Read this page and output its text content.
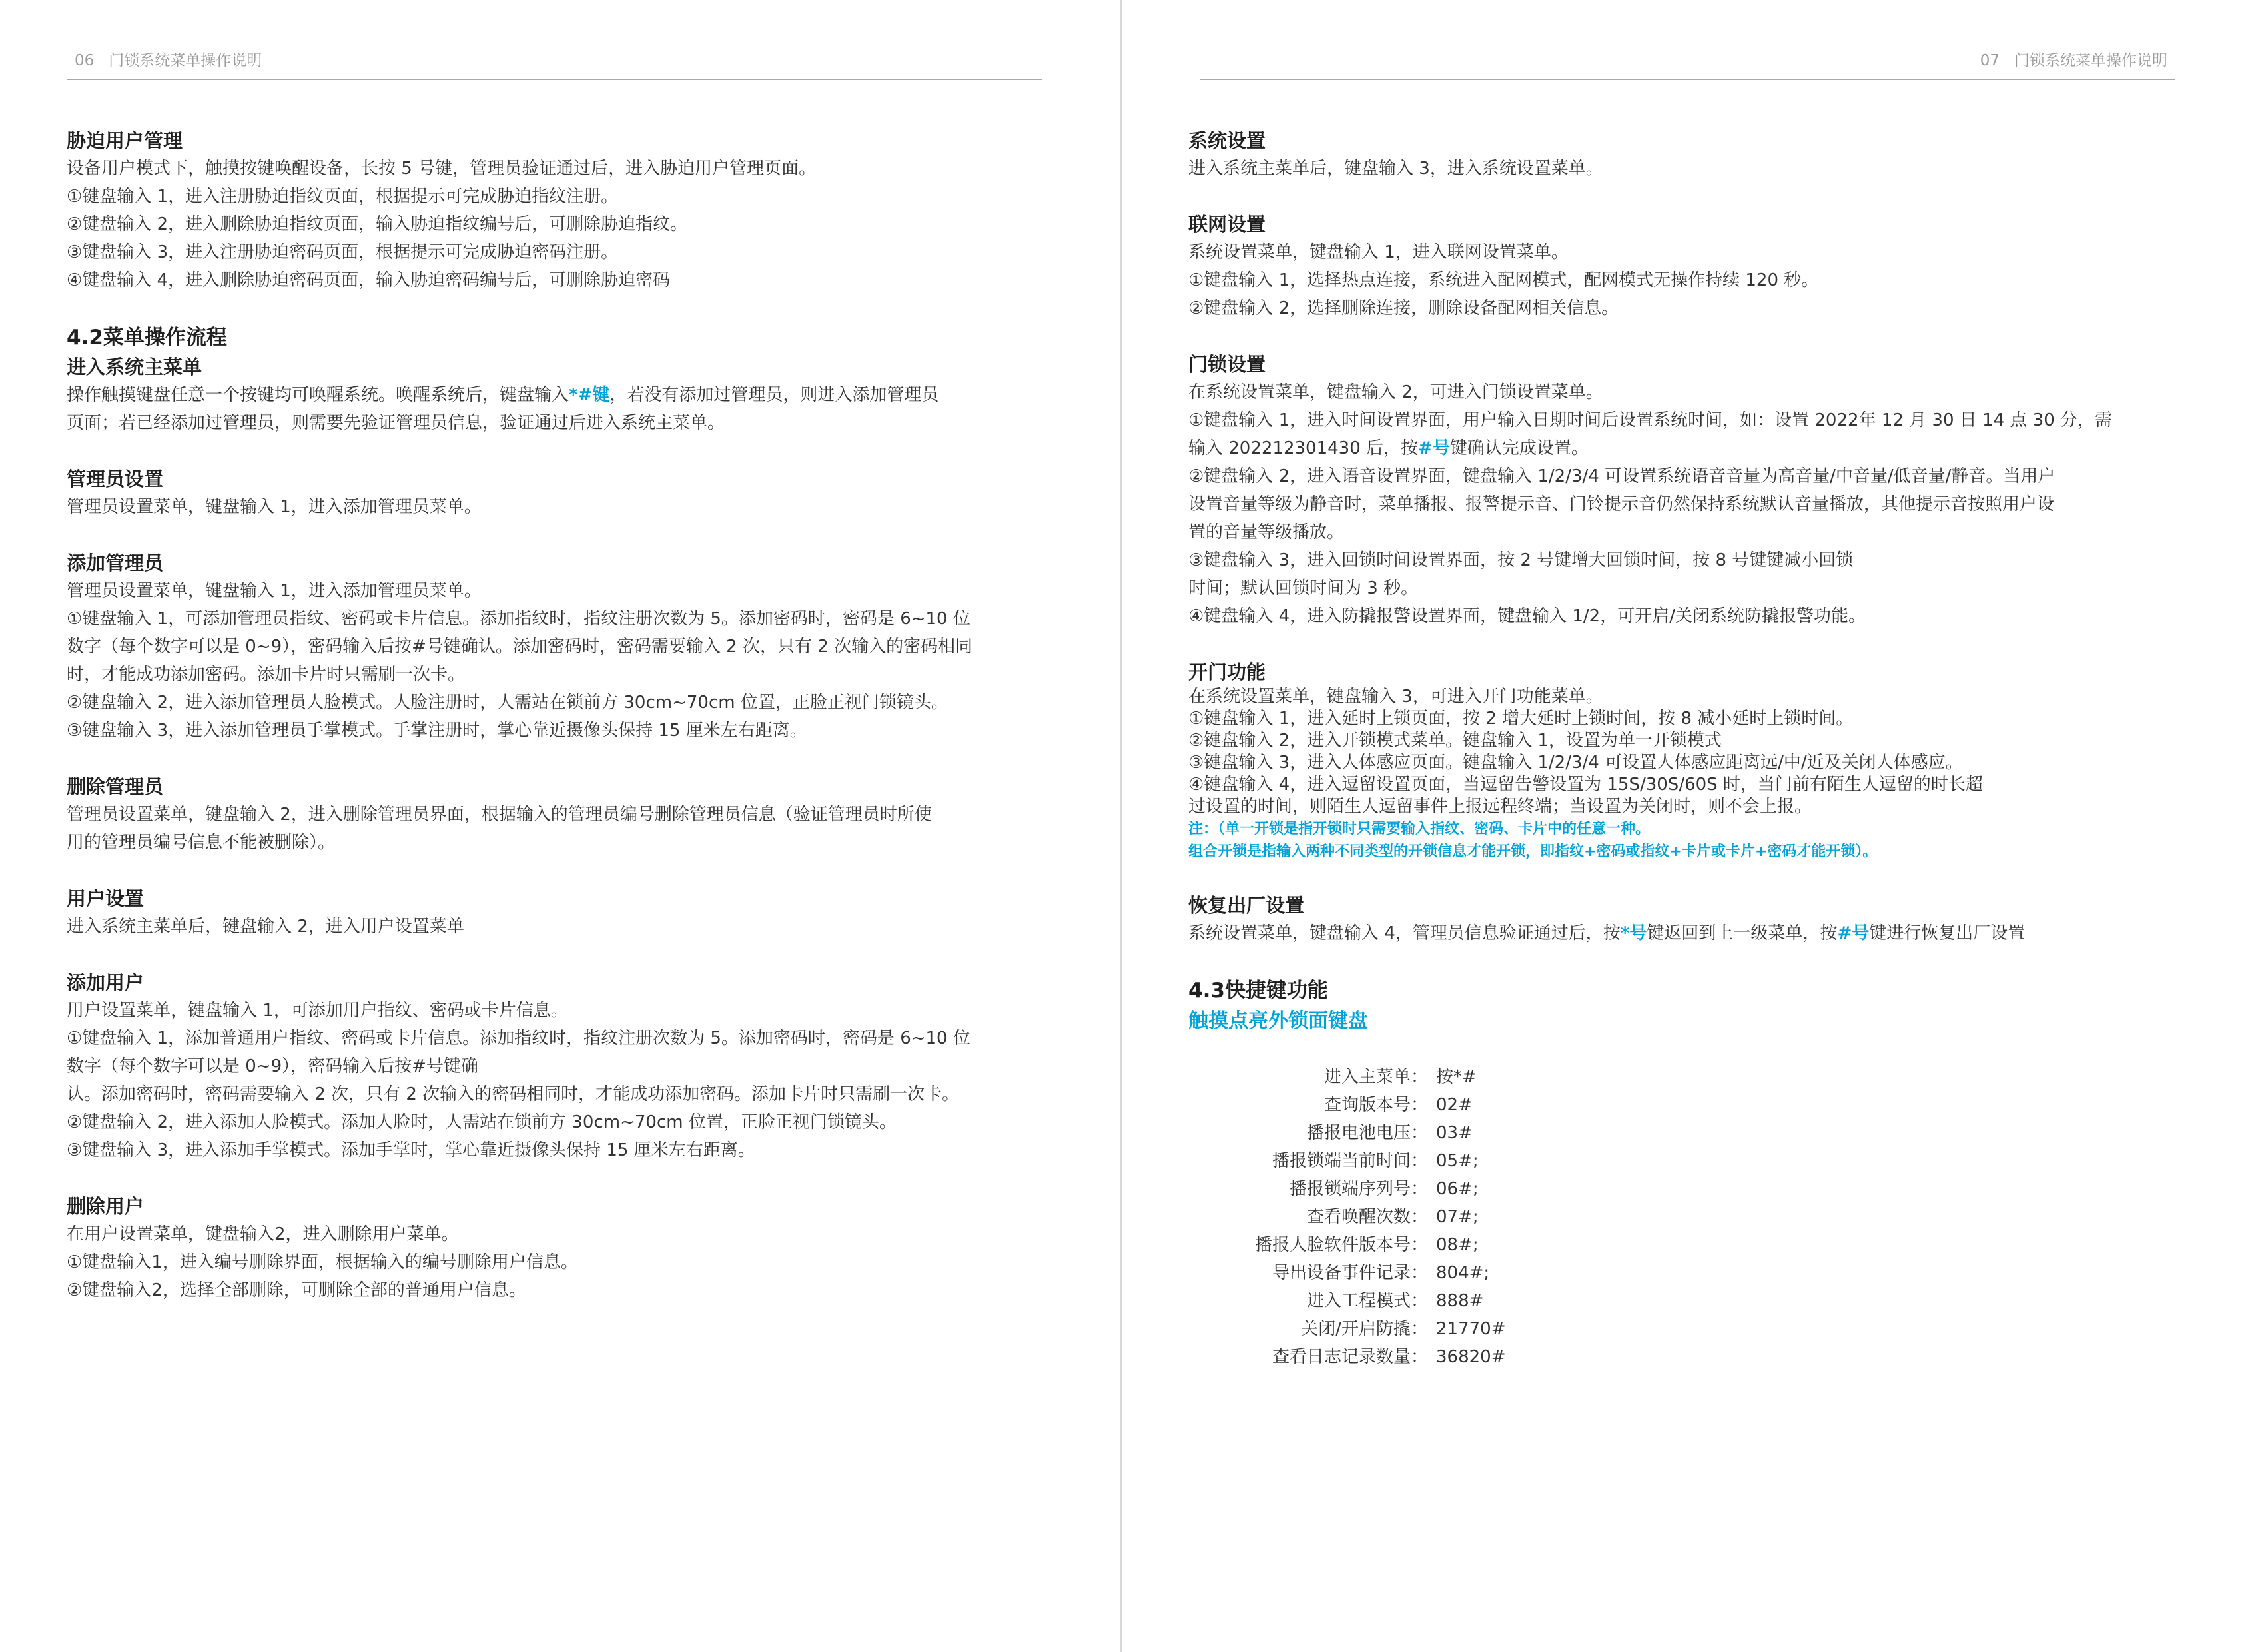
06 门锁系统菜单操作说明
胁迫用户管理
设备用户模式下，触摸按键唤醒设备，长按 5 号键，管理员验证通过后，进入胁迫用户管理页面。
①键盘输入 1，进入注册胁迫指纹页面，根据提示可完成胁迫指纹注册。
②键盘输入 2，进入删除胁迫指纹页面，输入胁迫指纹编号后，可删除胁迫指纹。
③键盘输入 3，进入注册胁迫密码页面，根据提示可完成胁迫密码注册。
④键盘输入 4，进入删除胁迫密码页面，输入胁迫密码编号后，可删除胁迫密码
4.2菜单操作流程
进入系统主菜单
操作触摸键盘任意一个按键均可唤醒系统。唤醒系统后，键盘输入*#键，若没有添加过管理员，则进入添加管理员
页面；若已经添加过管理员，则需要先验证管理员信息，验证通过后进入系统主菜单。
管理员设置
管理员设置菜单，键盘输入 1，进入添加管理员菜单。
添加管理员
管理员设置菜单，键盘输入 1，进入添加管理员菜单。
①键盘输入 1，可添加管理员指纹、密码或卡片信息。添加指纹时，指纹注册次数为 5。添加密码时，密码是 6~10 位
数字（每个数字可以是 0~9），密码输入后按#号键确认。添加密码时，密码需要输入 2 次，只有 2 次输入的密码相同
时，才能成功添加密码。添加卡片时只需刷一次卡。
②键盘输入 2，进入添加管理员人脸模式。人脸注册时，人需站在锁前方 30cm~70cm 位置，正脸正视门锁镜头。
③键盘输入 3，进入添加管理员手掌模式。手掌注册时，掌心靠近摄像头保持 15 厘米左右距离。
删除管理员
管理员设置菜单，键盘输入 2，进入删除管理员界面，根据输入的管理员编号删除管理员信息（验证管理员时所使
用的管理员编号信息不能被删除）。
用户设置
进入系统主菜单后，键盘输入 2，进入用户设置菜单
添加用户
用户设置菜单，键盘输入 1，可添加用户指纹、密码或卡片信息。
①键盘输入 1，添加普通用户指纹、密码或卡片信息。添加指纹时，指纹注册次数为 5。添加密码时，密码是 6~10 位
数字（每个数字可以是 0~9），密码输入后按#号键确
认。添加密码时，密码需要输入 2 次，只有 2 次输入的密码相同时，才能成功添加密码。添加卡片时只需刷一次卡。
②键盘输入 2，进入添加人脸模式。添加人脸时，人需站在锁前方 30cm~70cm 位置，正脸正视门锁镜头。
③键盘输入 3，进入添加手掌模式。添加手掌时，掌心靠近摄像头保持 15 厘米左右距离。
删除用户
在用户设置菜单，键盘输入2，进入删除用户菜单。
①键盘输入1，进入编号删除界面，根据输入的编号删除用户信息。
②键盘输入2，选择全部删除，可删除全部的普通用户信息。
07 门锁系统菜单操作说明
系统设置
进入系统主菜单后，键盘输入 3，进入系统设置菜单。
联网设置
系统设置菜单，键盘输入 1，进入联网设置菜单。
①键盘输入 1，选择热点连接，系统进入配网模式，配网模式无操作持续 120 秒。
②键盘输入 2，选择删除连接，删除设备配网相关信息。
门锁设置
在系统设置菜单，键盘输入 2，可进入门锁设置菜单。
①键盘输入 1，进入时间设置界面，用户输入日期时间后设置系统时间，如：设置 2022年 12 月 30 日 14 点 30 分，需
输入 202212301430 后，按#号键确认完成设置。
②键盘输入 2，进入语音设置界面，键盘输入 1/2/3/4 可设置系统语音音量为高音量/中音量/低音量/静音。当用户
设置音量等级为静音时，菜单播报、报警提示音、门铃提示音仍然保持系统默认音量播放，其他提示音按照用户设
置的音量等级播放。
③键盘输入 3，进入回锁时间设置界面，按 2 号键增大回锁时间，按 8 号键键减小回锁
时间；默认回锁时间为 3 秒。
④键盘输入 4，进入防撬报警设置界面，键盘输入 1/2，可开启/关闭系统防撬报警功能。
开门功能
在系统设置菜单，键盘输入 3，可进入开门功能菜单。
①键盘输入 1，进入延时上锁页面，按 2 增大延时上锁时间，按 8 减小延时上锁时间。
②键盘输入 2，进入开锁模式菜单。键盘输入 1，设置为单一开锁模式
③键盘输入 3，进入人体感应页面。键盘输入 1/2/3/4 可设置人体感应距离远/中/近及关闭人体感应。
④键盘输入 4，进入逗留设置页面，当逗留告警设置为 15S/30S/60S 时，当门前有陌生人逗留的时长超
过设置的时间，则陌生人逗留事件上报远程终端；当设置为关闭时，则不会上报。
注：（单一开锁是指开锁时只需要输入指纹、密码、卡片中的任意一种。
组合开锁是指输入两种不同类型的开锁信息才能开锁，即指纹+密码或指纹+卡片或卡片+密码才能开锁）。
恢复出厂设置
系统设置菜单，键盘输入 4，管理员信息验证通过后，按*号键返回到上一级菜单，按#号键进行恢复出厂设置
4.3快捷键功能
触摸点亮外锁面键盘
进入主菜单： 按*#
查询版本号： 02#
播报电池电压： 03#
播报锁端当前时间： 05#;
播报锁端序列号： 06#;
查看唤醒次数： 07#;
播报人脸软件版本号： 08#;
导出设备事件记录： 804#;
进入工程模式： 888#
关闭/开启防撬： 21770#
查看日志记录数量： 36820#
